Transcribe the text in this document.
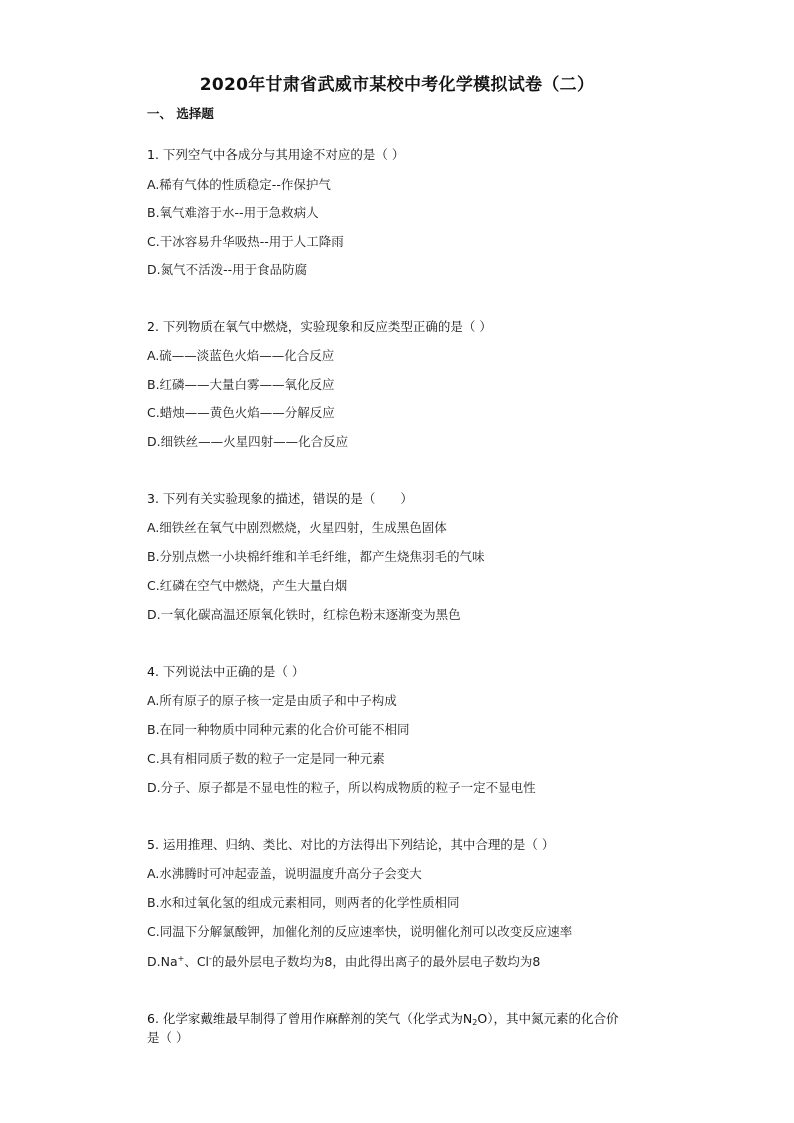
2020年甘肃省武威市某校中考化学模拟试卷（二）
一、 选择题
1. 下列空气中各成分与其用途不对应的是（ ）
A.稀有气体的性质稳定--作保护气
B.氧气难溶于水--用于急救病人
C.干冰容易升华吸热--用于人工降雨
D.氮气不活泼--用于食品防腐
2. 下列物质在氧气中燃烧，实验现象和反应类型正确的是（ ）
A.硫——淡蓝色火焰——化合反应
B.红磷——大量白雾——氧化反应
C.蜡烛——黄色火焰——分解反应
D.细铁丝——火星四射——化合反应
3. 下列有关实验现象的描述，错误的是（　　）
A.细铁丝在氧气中剧烈燃烧，火星四射，生成黑色固体
B.分别点燃一小块棉纤维和羊毛纤维，都产生烧焦羽毛的气味
C.红磷在空气中燃烧，产生大量白烟
D.一氧化碳高温还原氧化铁时，红棕色粉末逐渐变为黑色
4. 下列说法中正确的是（ ）
A.所有原子的原子核一定是由质子和中子构成
B.在同一种物质中同种元素的化合价可能不相同
C.具有相同质子数的粒子一定是同一种元素
D.分子、原子都是不显电性的粒子，所以构成物质的粒子一定不显电性
5. 运用推理、归纳、类比、对比的方法得出下列结论，其中合理的是（ ）
A.水沸腾时可冲起壶盖，说明温度升高分子会变大
B.水和过氧化氢的组成元素相同，则两者的化学性质相同
C.同温下分解氯酸钾，加催化剂的反应速率快，说明催化剂可以改变反应速率
D.Na+、Cl-的最外层电子数均为8，由此得出离子的最外层电子数均为8
6. 化学家戴维最早制得了曾用作麻醉剂的笑气（化学式为$N_2O$），其中氮元素的化合价
是（ ）
